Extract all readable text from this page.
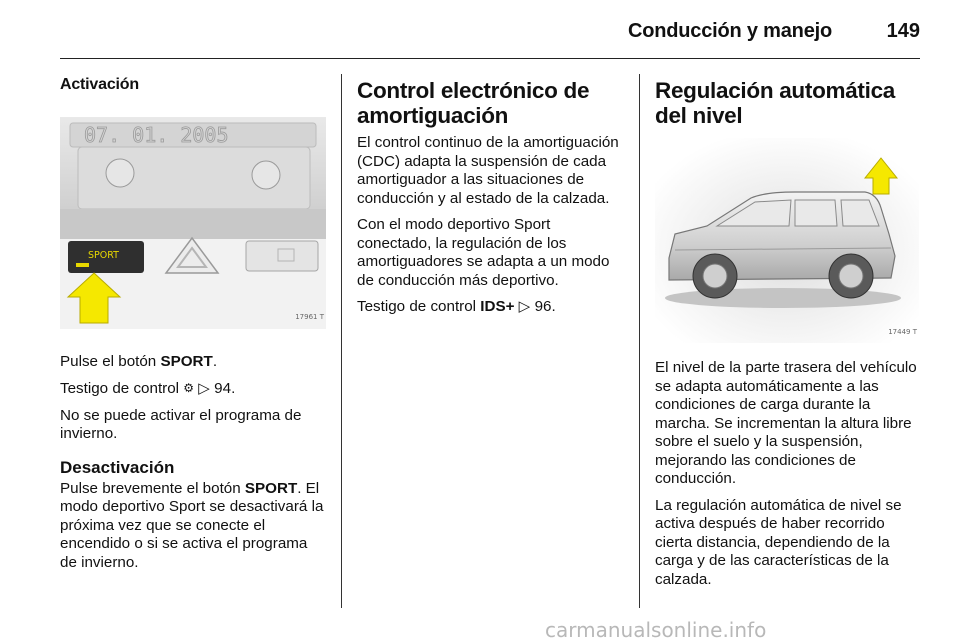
Conducción y manejo	149
Activación
07. 01. 2005
SPORT
17961 T

Pulse el botón SPORT.

Testigo de control ⚙ ▷ 94.

No se puede activar el programa de invierno.

Desactivación

Pulse brevemente el botón SPORT. El modo deportivo Sport se desactivará la próxima vez que se conecte el encendido o si se activa el programa de invierno.

Control electrónico de amortiguación

El control continuo de la amortiguación (CDC) adapta la suspensión de cada amortiguador a las situaciones de conducción y al estado de la calzada.

Con el modo deportivo Sport conectado, la regulación de los amortiguadores se adapta a un modo de conducción más deportivo.

Testigo de control IDS+ ▷ 96.

Regulación automática del nivel
17449 T

El nivel de la parte trasera del vehículo se adapta automáticamente a las condiciones de carga durante la marcha. Se incrementan la altura libre sobre el suelo y la suspensión, mejorando las condiciones de conducción.

La regulación automática de nivel se activa después de haber recorrido cierta distancia, dependiendo de la carga y de las características de la calzada.

carmanualsonline.info
